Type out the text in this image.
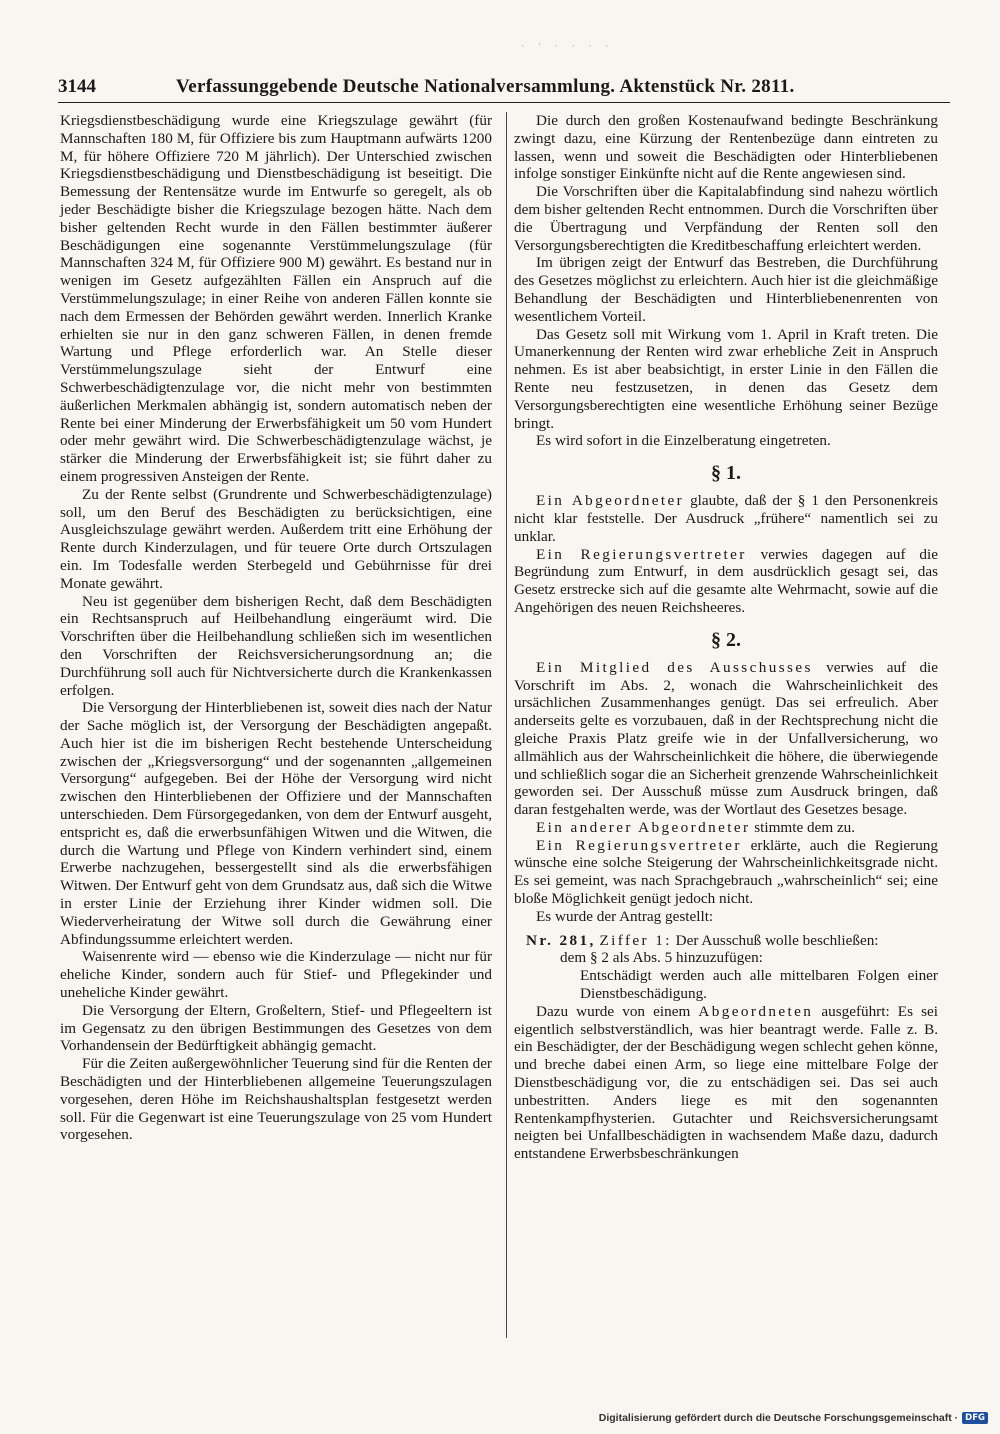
· ' · · · ·
3144	Verfassunggebende Deutsche Nationalversammlung. Aktenstück Nr. 2811.

Kriegsdienstbeschädigung wurde eine Kriegszulage gewährt (für Mannschaften 180 M, für Offiziere bis zum Hauptmann aufwärts 1200 M, für höhere Offiziere 720 M jährlich). Der Unterschied zwischen Kriegsdienstbeschädigung und Dienstbeschädigung ist beseitigt. Die Bemessung der Rentensätze wurde im Entwurfe so geregelt, als ob jeder Beschädigte bisher die Kriegszulage bezogen hätte. Nach dem bisher geltenden Recht wurde in den Fällen bestimmter äußerer Beschädigungen eine sogenannte Verstümmelungszulage (für Mannschaften 324 M, für Offiziere 900 M) gewährt. Es bestand nur in wenigen im Gesetz aufgezählten Fällen ein Anspruch auf die Verstümmelungszulage; in einer Reihe von anderen Fällen konnte sie nach dem Ermessen der Behörden gewährt werden. Innerlich Kranke erhielten sie nur in den ganz schweren Fällen, in denen fremde Wartung und Pflege erforderlich war. An Stelle dieser Verstümmelungszulage sieht der Entwurf eine Schwerbeschädigtenzulage vor, die nicht mehr von bestimmten äußerlichen Merkmalen abhängig ist, sondern automatisch neben der Rente bei einer Minderung der Erwerbsfähigkeit um 50 vom Hundert oder mehr gewährt wird. Die Schwerbeschädigtenzulage wächst, je stärker die Minderung der Erwerbsfähigkeit ist; sie führt daher zu einem progressiven Ansteigen der Rente.

Zu der Rente selbst (Grundrente und Schwerbeschädigtenzulage) soll, um den Beruf des Beschädigten zu berücksichtigen, eine Ausgleichszulage gewährt werden. Außerdem tritt eine Erhöhung der Rente durch Kinderzulagen, und für teuere Orte durch Ortszulagen ein. Im Todesfalle werden Sterbegeld und Gebührnisse für drei Monate gewährt.

Neu ist gegenüber dem bisherigen Recht, daß dem Beschädigten ein Rechtsanspruch auf Heilbehandlung eingeräumt wird. Die Vorschriften über die Heilbehandlung schließen sich im wesentlichen den Vorschriften der Reichsversicherungsordnung an; die Durchführung soll auch für Nichtversicherte durch die Krankenkassen erfolgen.

Die Versorgung der Hinterbliebenen ist, soweit dies nach der Natur der Sache möglich ist, der Versorgung der Beschädigten angepaßt. Auch hier ist die im bisherigen Recht bestehende Unterscheidung zwischen der „Kriegsversorgung“ und der sogenannten „allgemeinen Versorgung“ aufgegeben. Bei der Höhe der Versorgung wird nicht zwischen den Hinterbliebenen der Offiziere und der Mannschaften unterschieden. Dem Fürsorgegedanken, von dem der Entwurf ausgeht, entspricht es, daß die erwerbsunfähigen Witwen und die Witwen, die durch die Wartung und Pflege von Kindern verhindert sind, einem Erwerbe nachzugehen, bessergestellt sind als die erwerbsfähigen Witwen. Der Entwurf geht von dem Grundsatz aus, daß sich die Witwe in erster Linie der Erziehung ihrer Kinder widmen soll. Die Wiederverheiratung der Witwe soll durch die Gewährung einer Abfindungssumme erleichtert werden.

Waisenrente wird — ebenso wie die Kinderzulage — nicht nur für eheliche Kinder, sondern auch für Stief- und Pflegekinder und uneheliche Kinder gewährt.

Die Versorgung der Eltern, Großeltern, Stief- und Pflegeeltern ist im Gegensatz zu den übrigen Bestimmungen des Gesetzes von dem Vorhandensein der Bedürftigkeit abhängig gemacht.

Für die Zeiten außergewöhnlicher Teuerung sind für die Renten der Beschädigten und der Hinterbliebenen allgemeine Teuerungszulagen vorgesehen, deren Höhe im Reichshaushaltsplan festgesetzt werden soll. Für die Gegenwart ist eine Teuerungszulage von 25 vom Hundert vorgesehen.

Die durch den großen Kostenaufwand bedingte Beschränkung zwingt dazu, eine Kürzung der Rentenbezüge dann eintreten zu lassen, wenn und soweit die Beschädigten oder Hinterbliebenen infolge sonstiger Einkünfte nicht auf die Rente angewiesen sind.

Die Vorschriften über die Kapitalabfindung sind nahezu wörtlich dem bisher geltenden Recht entnommen. Durch die Vorschriften über die Übertragung und Verpfändung der Renten soll den Versorgungsberechtigten die Kreditbeschaffung erleichtert werden.

Im übrigen zeigt der Entwurf das Bestreben, die Durchführung des Gesetzes möglichst zu erleichtern. Auch hier ist die gleichmäßige Behandlung der Beschädigten und Hinterbliebenenrenten von wesentlichem Vorteil.

Das Gesetz soll mit Wirkung vom 1. April in Kraft treten. Die Umanerkennung der Renten wird zwar erhebliche Zeit in Anspruch nehmen. Es ist aber beabsichtigt, in erster Linie in den Fällen die Rente neu festzusetzen, in denen das Gesetz dem Versorgungsberechtigten eine wesentliche Erhöhung seiner Bezüge bringt.

Es wird sofort in die Einzelberatung eingetreten.

§ 1.

Ein Abgeordneter glaubte, daß der § 1 den Personenkreis nicht klar feststelle. Der Ausdruck „frühere“ namentlich sei zu unklar.

Ein Regierungsvertreter verwies dagegen auf die Begründung zum Entwurf, in dem ausdrücklich gesagt sei, das Gesetz erstrecke sich auf die gesamte alte Wehrmacht, sowie auf die Angehörigen des neuen Reichsheeres.

§ 2.

Ein Mitglied des Ausschusses verwies auf die Vorschrift im Abs. 2, wonach die Wahrscheinlichkeit des ursächlichen Zusammenhanges genügt. Das sei erfreulich. Aber anderseits gelte es vorzubauen, daß in der Rechtsprechung nicht die gleiche Praxis Platz greife wie in der Unfallversicherung, wo allmählich aus der Wahrscheinlichkeit die höhere, die überwiegende und schließlich sogar die an Sicherheit grenzende Wahrscheinlichkeit geworden sei. Der Ausschuß müsse zum Ausdruck bringen, daß daran festgehalten werde, was der Wortlaut des Gesetzes besage.

Ein anderer Abgeordneter stimmte dem zu.

Ein Regierungsvertreter erklärte, auch die Regierung wünsche eine solche Steigerung der Wahrscheinlichkeitsgrade nicht. Es sei gemeint, was nach Sprachgebrauch „wahrscheinlich“ sei; eine bloße Möglichkeit genügt jedoch nicht.

Es wurde der Antrag gestellt:

Nr. 281, Ziffer 1: Der Ausschuß wolle beschließen:

dem § 2 als Abs. 5 hinzuzufügen:

Entschädigt werden auch alle mittelbaren Folgen einer Dienstbeschädigung.

Dazu wurde von einem Abgeordneten ausgeführt: Es sei eigentlich selbstverständlich, was hier beantragt werde. Falle z. B. ein Beschädigter, der der Beschädigung wegen schlecht gehen könne, und breche dabei einen Arm, so liege eine mittelbare Folge der Dienstbeschädigung vor, die zu entschädigen sei. Das sei auch unbestritten. Anders liege es mit den sogenannten Rentenkampfhysterien. Gutachter und Reichsversicherungsamt neigten bei Unfallbeschädigten in wachsendem Maße dazu, dadurch entstandene Erwerbsbeschränkungen

Digitalisierung gefördert durch die Deutsche Forschungsgemeinschaft · DFG
